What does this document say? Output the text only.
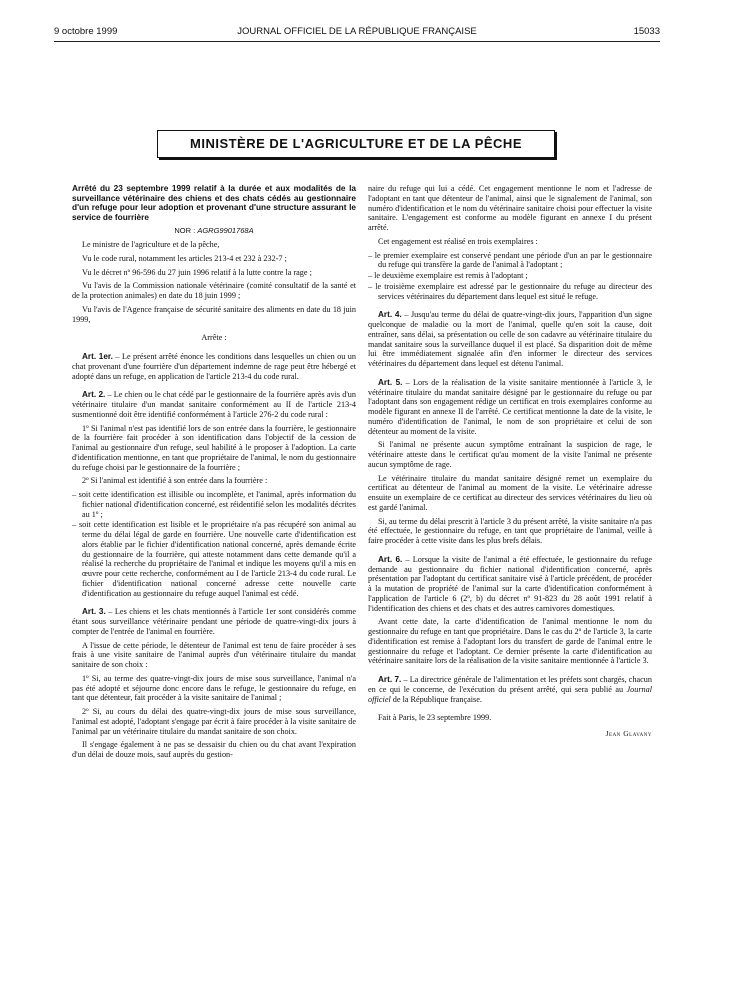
9 octobre 1999	JOURNAL OFFICIEL DE LA RÉPUBLIQUE FRANÇAISE	15033
MINISTÈRE DE L'AGRICULTURE ET DE LA PÊCHE

Arrêté du 23 septembre 1999 relatif à la durée et aux modalités de la surveillance vétérinaire des chiens et des chats cédés au gestionnaire d'un refuge pour leur adoption et provenant d'une structure assurant le service de fourrière

NOR : AGRG9901768A

Le ministre de l'agriculture et de la pêche,

Vu le code rural, notamment les articles 213-4 et 232 à 232-7 ;

Vu le décret nº 96-596 du 27 juin 1996 relatif à la lutte contre la rage ;

Vu l'avis de la Commission nationale vétérinaire (comité consultatif de la santé et de la protection animales) en date du 18 juin 1999 ;

Vu l'avis de l'Agence française de sécurité sanitaire des aliments en date du 18 juin 1999,

Arrête :

Art. 1er. – Le présent arrêté énonce les conditions dans lesquelles un chien ou un chat provenant d'une fourrière d'un département indemne de rage peut être hébergé et adopté dans un refuge, en application de l'article 213-4 du code rural.

Art. 2. – Le chien ou le chat cédé par le gestionnaire de la fourrière après avis d'un vétérinaire titulaire d'un mandat sanitaire conformément au II de l'article 213-4 susmentionné doit être identifié conformément à l'article 276-2 du code rural :

1º Si l'animal n'est pas identifié lors de son entrée dans la fourrière, le gestionnaire de la fourrière fait procéder à son identification dans l'objectif de la cession de l'animal au gestionnaire d'un refuge, seul habilité à le proposer à l'adoption. La carte d'identification mentionne, en tant que propriétaire de l'animal, le nom du gestionnaire du refuge choisi par le gestionnaire de la fourrière ;

2º Si l'animal est identifié à son entrée dans la fourrière :

– soit cette identification est illisible ou incomplète, et l'animal, après information du fichier national d'identification concerné, est réidentifié selon les modalités décrites au 1º ;
– soit cette identification est lisible et le propriétaire n'a pas récupéré son animal au terme du délai légal de garde en fourrière. Une nouvelle carte d'identification est alors établie par le fichier d'identification national concerné, après demande écrite du gestionnaire de la fourrière, qui atteste notamment dans cette demande qu'il a réalisé la recherche du propriétaire de l'animal et indique les moyens qu'il a mis en œuvre pour cette recherche, conformément au I de l'article 213-4 du code rural. Le fichier d'identification national concerné adresse cette nouvelle carte d'identification au gestionnaire du refuge auquel l'animal est cédé.

Art. 3. – Les chiens et les chats mentionnés à l'article 1er sont considérés comme étant sous surveillance vétérinaire pendant une période de quatre-vingt-dix jours à compter de l'entrée de l'animal en fourrière.

A l'issue de cette période, le détenteur de l'animal est tenu de faire procéder à ses frais à une visite sanitaire de l'animal auprès d'un vétérinaire titulaire du mandat sanitaire de son choix :

1º Si, au terme des quatre-vingt-dix jours de mise sous surveillance, l'animal n'a pas été adopté et séjourne donc encore dans le refuge, le gestionnaire du refuge, en tant que détenteur, fait procéder à la visite sanitaire de l'animal ;

2º Si, au cours du délai des quatre-vingt-dix jours de mise sous surveillance, l'animal est adopté, l'adoptant s'engage par écrit à faire procéder à la visite sanitaire de l'animal par un vétérinaire titulaire du mandat sanitaire de son choix.

Il s'engage également à ne pas se dessaisir du chien ou du chat avant l'expiration d'un délai de douze mois, sauf auprès du gestion-

naire du refuge qui lui a cédé. Cet engagement mentionne le nom et l'adresse de l'adoptant en tant que détenteur de l'animal, ainsi que le signalement de l'animal, son numéro d'identification et le nom du vétérinaire sanitaire choisi pour effectuer la visite sanitaire. L'engagement est conforme au modèle figurant en annexe I du présent arrêté.

Cet engagement est réalisé en trois exemplaires :

– le premier exemplaire est conservé pendant une période d'un an par le gestionnaire du refuge qui transfère la garde de l'animal à l'adoptant ;
– le deuxième exemplaire est remis à l'adoptant ;
– le troisième exemplaire est adressé par le gestionnaire du refuge au directeur des services vétérinaires du département dans lequel est situé le refuge.

Art. 4. – Jusqu'au terme du délai de quatre-vingt-dix jours, l'apparition d'un signe quelconque de maladie ou la mort de l'animal, quelle qu'en soit la cause, doit entraîner, sans délai, sa présentation ou celle de son cadavre au vétérinaire titulaire du mandat sanitaire sous la surveillance duquel il est placé. Sa disparition doit de même lui être immédiatement signalée afin d'en informer le directeur des services vétérinaires du département dans lequel est détenu l'animal.

Art. 5. – Lors de la réalisation de la visite sanitaire mentionnée à l'article 3, le vétérinaire titulaire du mandat sanitaire désigné par le gestionnaire du refuge ou par l'adoptant dans son engagement rédige un certificat en trois exemplaires conforme au modèle figurant en annexe II de l'arrêté. Ce certificat mentionne la date de la visite, le numéro d'identification de l'animal, le nom de son propriétaire et celui de son détenteur au moment de la visite.

Si l'animal ne présente aucun symptôme entraînant la suspicion de rage, le vétérinaire atteste dans le certificat qu'au moment de la visite l'animal ne présente aucun symptôme de rage.

Le vétérinaire titulaire du mandat sanitaire désigné remet un exemplaire du certificat au détenteur de l'animal au moment de la visite. Le vétérinaire adresse ensuite un exemplaire de ce certificat au directeur des services vétérinaires du lieu où est gardé l'animal.

Si, au terme du délai prescrit à l'article 3 du présent arrêté, la visite sanitaire n'a pas été effectuée, le gestionnaire du refuge, en tant que propriétaire de l'animal, veille à faire procéder à cette visite dans les plus brefs délais.

Art. 6. – Lorsque la visite de l'animal a été effectuée, le gestionnaire du refuge demande au gestionnaire du fichier national d'identification concerné, après présentation par l'adoptant du certificat sanitaire visé à l'article précédent, de procéder à la mutation de propriété de l'animal sur la carte d'identification conformément à l'application de l'article 6 (2º, b) du décret nº 91-823 du 28 août 1991 relatif à l'identification des chiens et des chats et des autres carnivores domestiques.

Avant cette date, la carte d'identification de l'animal mentionne le nom du gestionnaire du refuge en tant que propriétaire. Dans le cas du 2º de l'article 3, la carte d'identification est remise à l'adoptant lors du transfert de garde de l'animal entre le gestionnaire du refuge et l'adoptant. Ce dernier présente la carte d'identification au vétérinaire sanitaire lors de la réalisation de la visite sanitaire mentionnée à l'article 3.

Art. 7. – La directrice générale de l'alimentation et les préfets sont chargés, chacun en ce qui le concerne, de l'exécution du présent arrêté, qui sera publié au Journal officiel de la République française.

Fait à Paris, le 23 septembre 1999.

Jean Glavany
